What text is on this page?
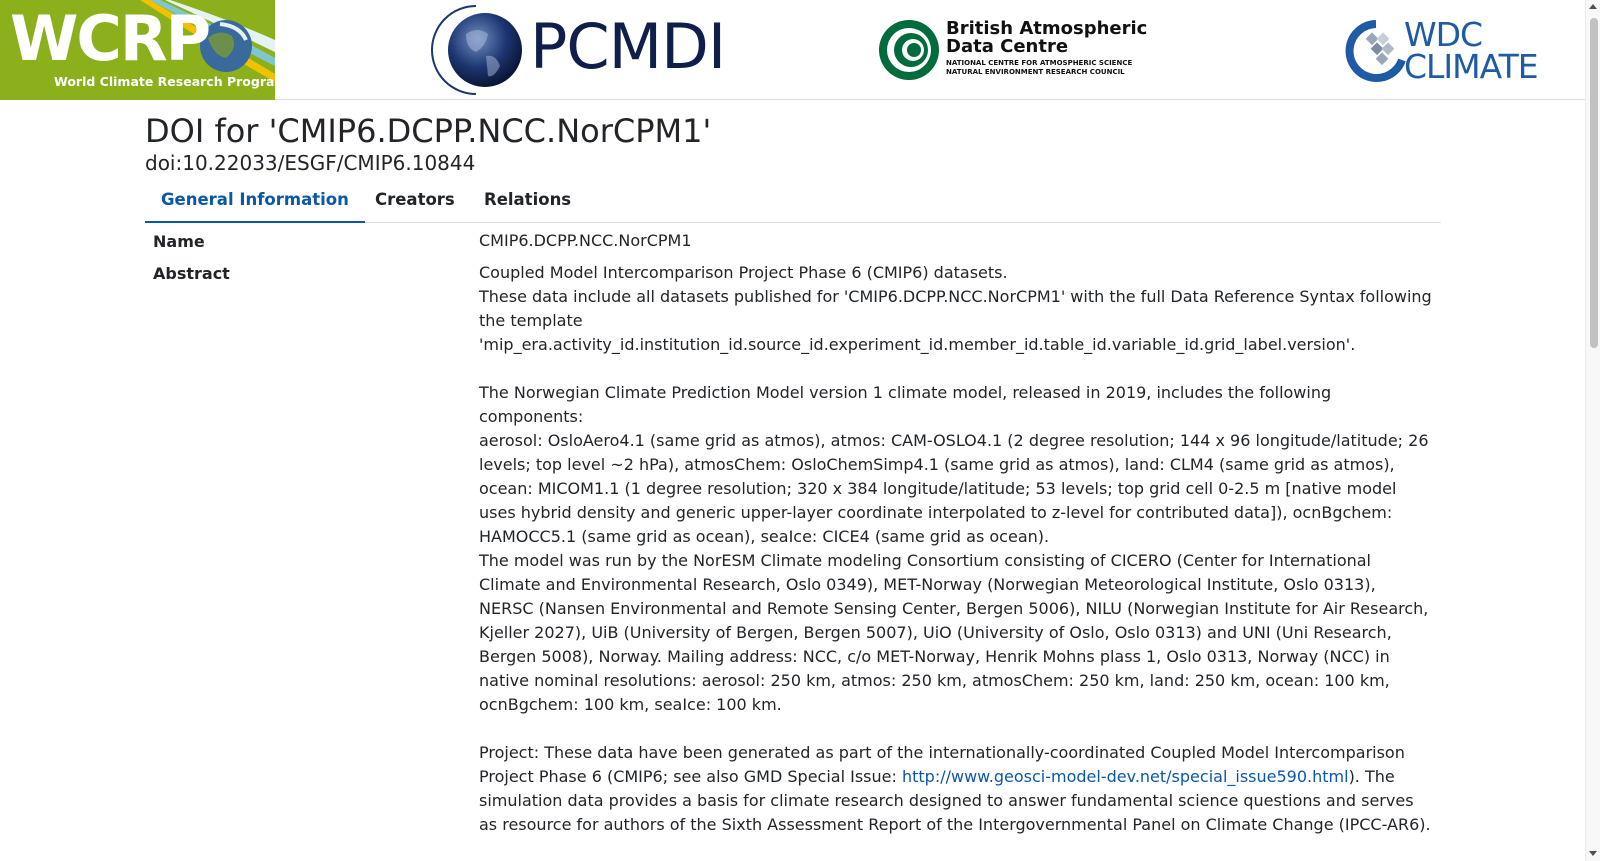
WCRP
World Climate Research Programme	PCMDI	British Atmospheric
Data Centre
NATIONAL CENTRE FOR ATMOSPHERIC SCIENCE
NATURAL ENVIRONMENT RESEARCH COUNCIL
WDC
CLIMATE
DOI for 'CMIP6.DCPP.NCC.NorCPM1'
doi:10.22033/ESGF/CMIP6.10844
General Information	Creators	Relations
Name	CMIP6.DCPP.NCC.NorCPM1
Abstract	Coupled Model Intercomparison Project Phase 6 (CMIP6) datasets.
These data include all datasets published for 'CMIP6.DCPP.NCC.NorCPM1' with the full Data Reference Syntax following
the template
'mip_era.activity_id.institution_id.source_id.experiment_id.member_id.table_id.variable_id.grid_label.version'.
The Norwegian Climate Prediction Model version 1 climate model, released in 2019, includes the following
components:
aerosol: OsloAero4.1 (same grid as atmos), atmos: CAM-OSLO4.1 (2 degree resolution; 144 x 96 longitude/latitude; 26
levels; top level ~2 hPa), atmosChem: OsloChemSimp4.1 (same grid as atmos), land: CLM4 (same grid as atmos),
ocean: MICOM1.1 (1 degree resolution; 320 x 384 longitude/latitude; 53 levels; top grid cell 0-2.5 m [native model
uses hybrid density and generic upper-layer coordinate interpolated to z-level for contributed data]), ocnBgchem:
HAMOCC5.1 (same grid as ocean), seaIce: CICE4 (same grid as ocean).
The model was run by the NorESM Climate modeling Consortium consisting of CICERO (Center for International
Climate and Environmental Research, Oslo 0349), MET-Norway (Norwegian Meteorological Institute, Oslo 0313),
NERSC (Nansen Environmental and Remote Sensing Center, Bergen 5006), NILU (Norwegian Institute for Air Research,
Kjeller 2027), UiB (University of Bergen, Bergen 5007), UiO (University of Oslo, Oslo 0313) and UNI (Uni Research,
Bergen 5008), Norway. Mailing address: NCC, c/o MET-Norway, Henrik Mohns plass 1, Oslo 0313, Norway (NCC) in
native nominal resolutions: aerosol: 250 km, atmos: 250 km, atmosChem: 250 km, land: 250 km, ocean: 100 km,
ocnBgchem: 100 km, seaIce: 100 km.
Project: These data have been generated as part of the internationally-coordinated Coupled Model Intercomparison
Project Phase 6 (CMIP6; see also GMD Special Issue: http://www.geosci-model-dev.net/special_issue590.html). The
simulation data provides a basis for climate research designed to answer fundamental science questions and serves
as resource for authors of the Sixth Assessment Report of the Intergovernmental Panel on Climate Change (IPCC-AR6).
